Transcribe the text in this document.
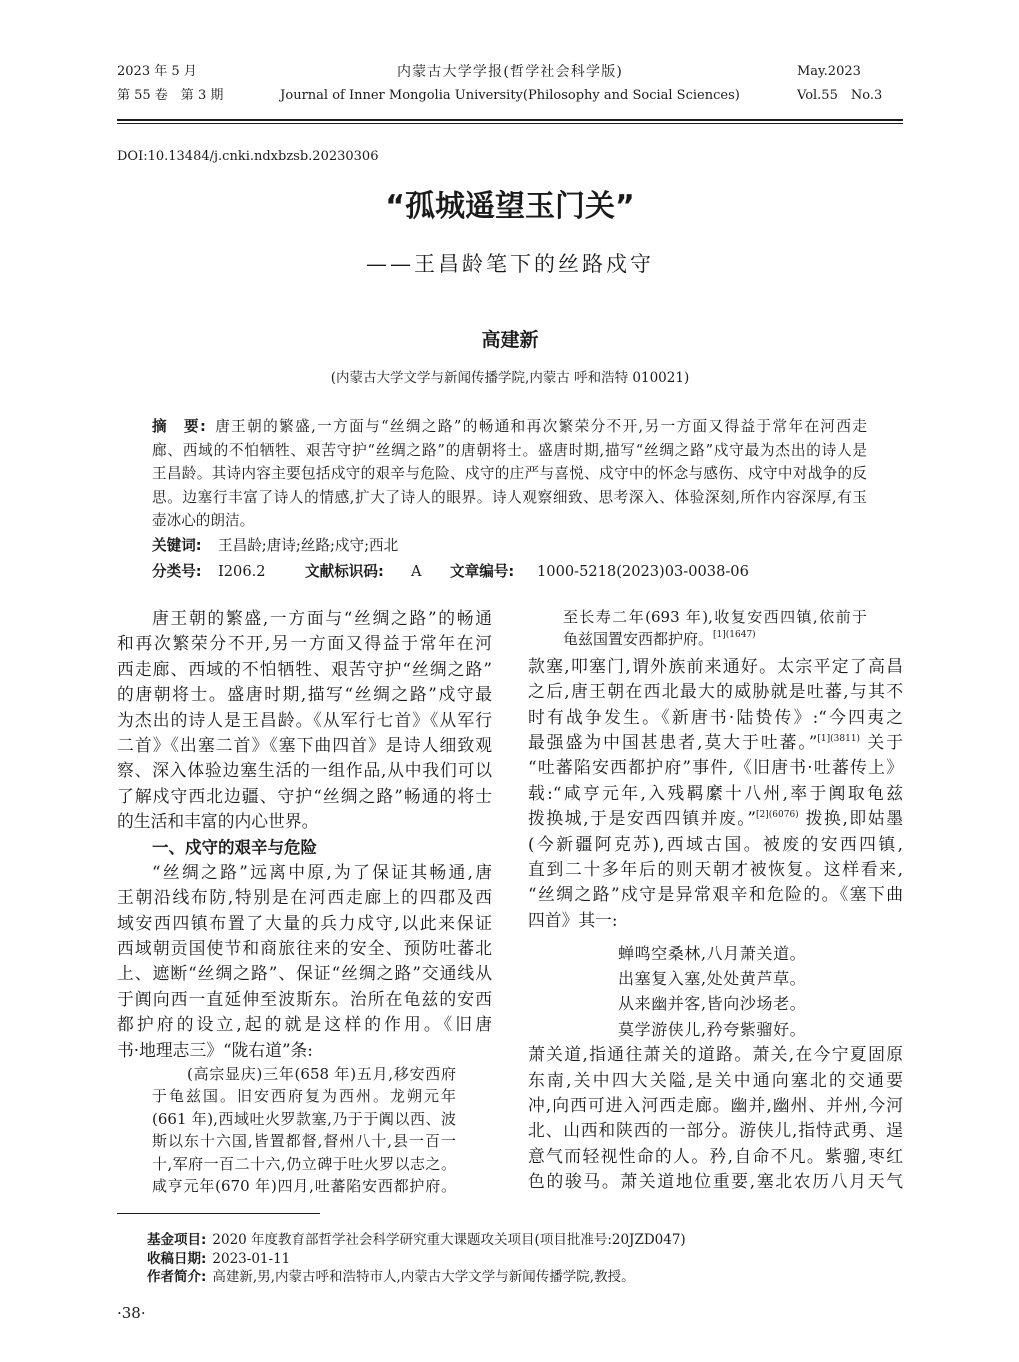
2023 年 5 月	内蒙古大学学报(哲学社会科学版)	May.2023
第 55 卷　第 3 期	Journal of Inner Mongolia University(Philosophy and Social Sciences)	Vol.55　No.3
DOI:10.13484/j.cnki.ndxbzsb.20230306
“孤城遥望玉门关”
——王昌龄笔下的丝路戍守
高建新
(内蒙古大学文学与新闻传播学院,内蒙古 呼和浩特 010021)
摘　要: 唐王朝的繁盛,一方面与“丝绸之路”的畅通和再次繁荣分不开,另一方面又得益于常年在河西走
廊、西域的不怕牺牲、艰苦守护“丝绸之路”的唐朝将士。盛唐时期,描写“丝绸之路”戍守最为杰出的诗人是
王昌龄。其诗内容主要包括戍守的艰辛与危险、戍守的庄严与喜悦、戍守中的怀念与感伤、戍守中对战争的反
思。边塞行丰富了诗人的情感,扩大了诗人的眼界。诗人观察细致、思考深入、体验深刻,所作内容深厚,有玉
壶冰心的朗洁。
关键词: 王昌龄;唐诗;丝路;戍守;西北
分类号: I206.2	文献标识码: A 文章编号: 1000-5218(2023)03-0038-06
唐王朝的繁盛,一方面与“丝绸之路”的畅通
和再次繁荣分不开,另一方面又得益于常年在河
西走廊、西域的不怕牺牲、艰苦守护“丝绸之路”
的唐朝将士。盛唐时期,描写“丝绸之路”戍守最
为杰出的诗人是王昌龄。《从军行七首》《从军行
二首》《出塞二首》《塞下曲四首》是诗人细致观
察、深入体验边塞生活的一组作品,从中我们可以
了解戍守西北边疆、守护“丝绸之路”畅通的将士
的生活和丰富的内心世界。
一、戍守的艰辛与危险
“丝绸之路”远离中原,为了保证其畅通,唐
王朝沿线布防,特别是在河西走廊上的四郡及西
域安西四镇布置了大量的兵力戍守,以此来保证
西域朝贡国使节和商旅往来的安全、预防吐蕃北
上、遮断“丝绸之路”、保证“丝绸之路”交通线从
于阗向西一直延伸至波斯东。治所在龟兹的安西
都护府的设立,起的就是这样的作用。《旧唐
书·地理志三》“陇右道”条:
(高宗显庆)三年(658 年)五月,移安西府
于龟兹国。旧安西府复为西州。龙朔元年
(661 年),西域吐火罗款塞,乃于于阗以西、波
斯以东十六国,皆置都督,督州八十,县一百一
十,军府一百二十六,仍立碑于吐火罗以志之。
咸亨元年(670 年)四月,吐蕃陷安西都护府。
至长寿二年(693 年),收复安西四镇,依前于
龟兹国置安西都护府。$^{[1](1647)}$
款塞,叩塞门,谓外族前来通好。太宗平定了高昌
之后,唐王朝在西北最大的威胁就是吐蕃,与其不
时有战争发生。《新唐书·陆贽传》:“今四夷之
最强盛为中国甚患者,莫大于吐蕃。”$^{[1](3811)}$ 关于
“吐蕃陷安西都护府”事件,《旧唐书·吐蕃传上》
载:“咸亨元年,入残羁縻十八州,率于阗取龟兹
拨换城,于是安西四镇并废。”$^{[2](6076)}$ 拨换,即姑墨
(今新疆阿克苏),西域古国。被废的安西四镇,
直到二十多年后的则天朝才被恢复。这样看来,
“丝绸之路”戍守是异常艰辛和危险的。《塞下曲
四首》其一:
蝉鸣空桑林,八月萧关道。
出塞复入塞,处处黄芦草。
从来幽并客,皆向沙场老。
莫学游侠儿,矜夸紫骝好。
萧关道,指通往萧关的道路。萧关,在今宁夏固原
东南,关中四大关隘,是关中通向塞北的交通要
冲,向西可进入河西走廊。幽并,幽州、并州,今河
北、山西和陕西的一部分。游侠儿,指恃武勇、逞
意气而轻视性命的人。矜,自命不凡。紫骝,枣红
色的骏马。萧关道地位重要,塞北农历八月天气
基金项目: 2020 年度教育部哲学社会科学研究重大课题攻关项目(项目批准号:20JZD047)
收稿日期: 2023-01-11
作者简介: 高建新,男,内蒙古呼和浩特市人,内蒙古大学文学与新闻传播学院,教授。
·38·
